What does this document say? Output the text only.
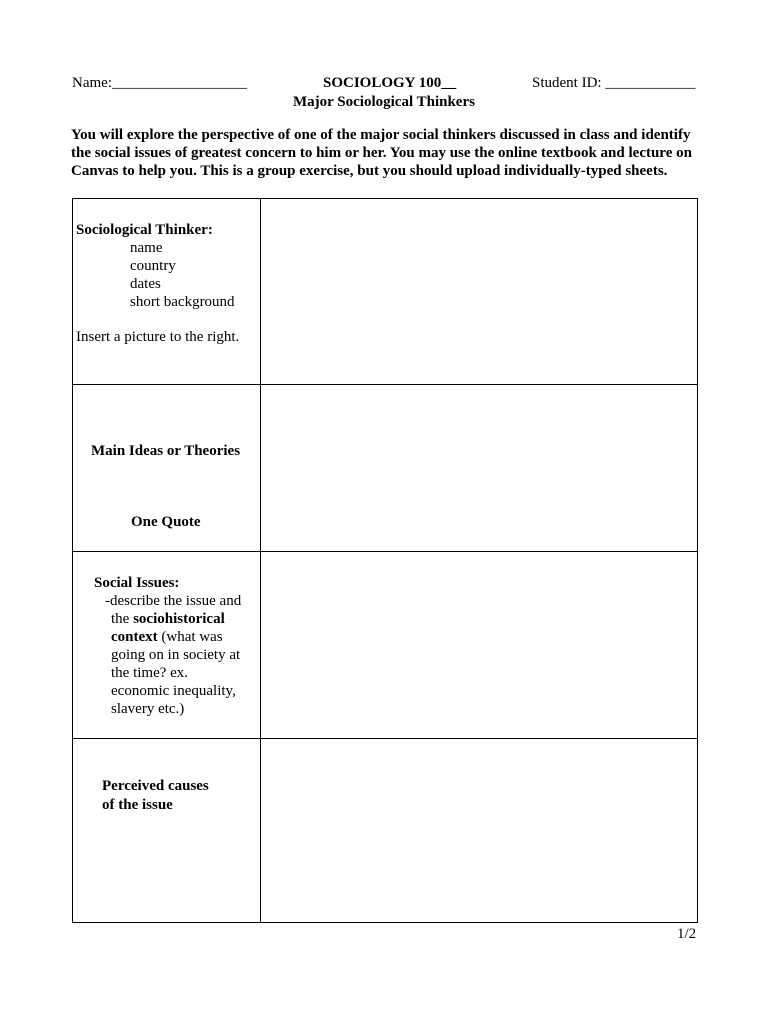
Name:__________________	SOCIOLOGY 100__	Student ID: ____________
Major Sociological Thinkers
You will explore the perspective of one of the major social thinkers discussed in class and identify the social issues of greatest concern to him or her. You may use the online textbook and lecture on Canvas to help you. This is a group exercise, but you should upload individually-typed sheets.
Sociological Thinker:
name
country
dates
short background
Insert a picture to the right.
Main Ideas or Theories
One Quote
Social Issues:
-describe the issue and
the sociohistorical
context (what was
going on in society at
the time? ex.
economic inequality,
slavery etc.)
Perceived causes
of the issue
1/2
